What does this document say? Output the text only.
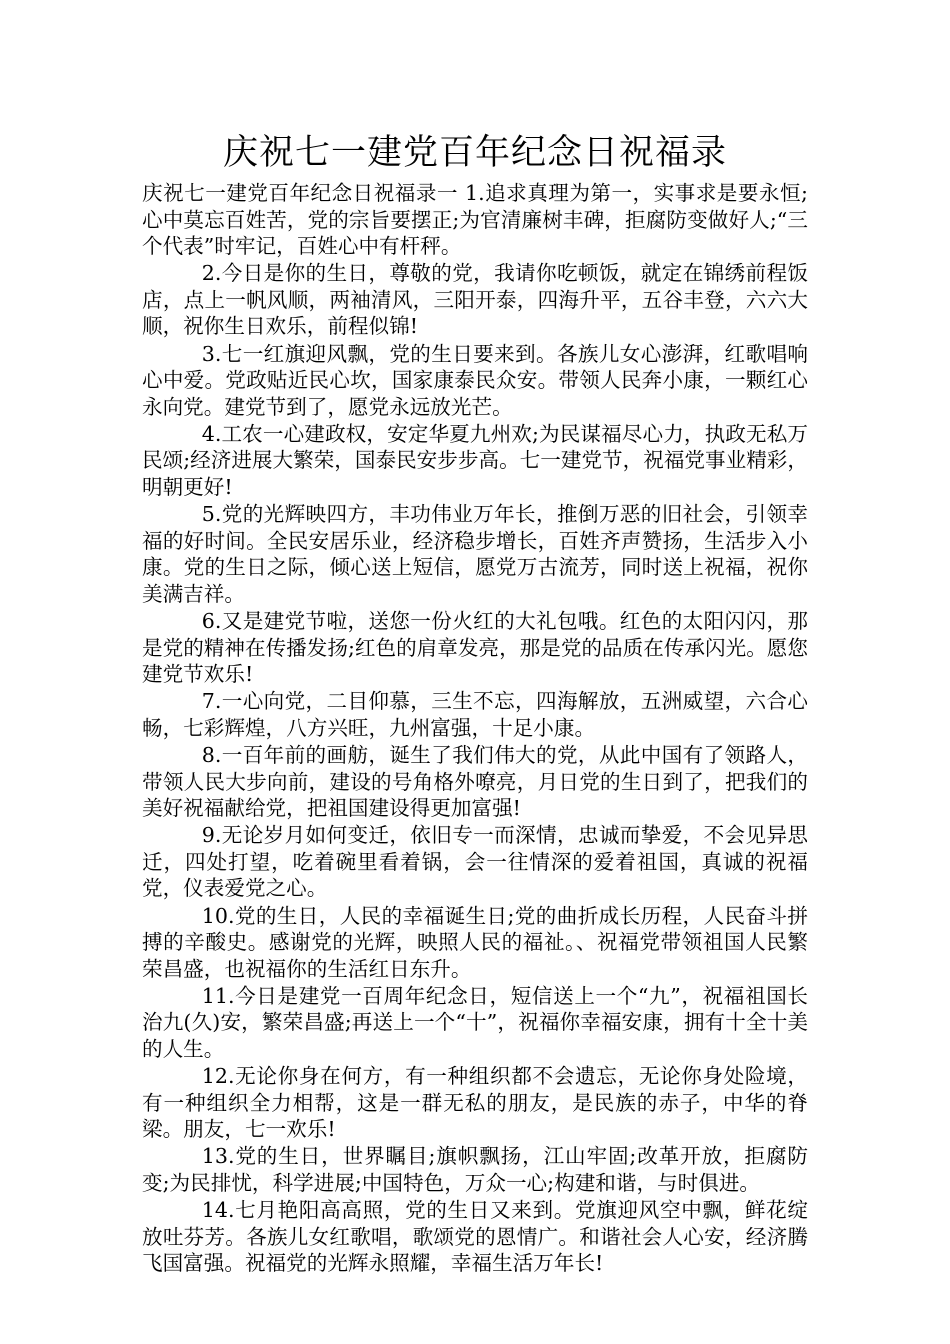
庆祝七一建党百年纪念日祝福录

庆祝七一建党百年纪念日祝福录一 1.追求真理为第一，实事求是要永恒;心中莫忘百姓苦，党的宗旨要摆正;为官清廉树丰碑，拒腐防变做好人;“三个代表”时牢记，百姓心中有杆秤。

2.今日是你的生日，尊敬的党，我请你吃顿饭，就定在锦绣前程饭店，点上一帆风顺，两袖清风，三阳开泰，四海升平，五谷丰登，六六大顺，祝你生日欢乐，前程似锦!

3.七一红旗迎风飘，党的生日要来到。各族儿女心澎湃，红歌唱响心中爱。党政贴近民心坎，国家康泰民众安。带领人民奔小康，一颗红心永向党。建党节到了，愿党永远放光芒。

4.工农一心建政权，安定华夏九州欢;为民谋福尽心力，执政无私万民颂;经济进展大繁荣，国泰民安步步高。七一建党节，祝福党事业精彩，明朝更好!

5.党的光辉映四方，丰功伟业万年长，推倒万恶的旧社会，引领幸福的好时间。全民安居乐业，经济稳步增长，百姓齐声赞扬，生活步入小康。党的生日之际，倾心送上短信，愿党万古流芳，同时送上祝福，祝你美满吉祥。

6.又是建党节啦，送您一份火红的大礼包哦。红色的太阳闪闪，那是党的精神在传播发扬;红色的肩章发亮，那是党的品质在传承闪光。愿您建党节欢乐!

7.一心向党，二目仰慕，三生不忘，四海解放，五洲威望，六合心畅，七彩辉煌，八方兴旺，九州富强，十足小康。

8.一百年前的画舫，诞生了我们伟大的党，从此中国有了领路人，带领人民大步向前，建设的号角格外嘹亮，月日党的生日到了，把我们的美好祝福献给党，把祖国建设得更加富强!

9.无论岁月如何变迁，依旧专一而深情，忠诚而挚爱，不会见异思迁，四处打望，吃着碗里看着锅，会一往情深的爱着祖国，真诚的祝福党，仪表爱党之心。

10.党的生日，人民的幸福诞生日;党的曲折成长历程，人民奋斗拼搏的辛酸史。感谢党的光辉，映照人民的福祉。、祝福党带领祖国人民繁荣昌盛，也祝福你的生活红日东升。

11.今日是建党一百周年纪念日，短信送上一个“九”，祝福祖国长治九(久)安，繁荣昌盛;再送上一个“十”，祝福你幸福安康，拥有十全十美的人生。

12.无论你身在何方，有一种组织都不会遗忘，无论你身处险境，有一种组织全力相帮，这是一群无私的朋友，是民族的赤子，中华的脊梁。朋友，七一欢乐!

13.党的生日，世界瞩目;旗帜飘扬，江山牢固;改革开放，拒腐防变;为民排忧，科学进展;中国特色，万众一心;构建和谐，与时俱进。

14.七月艳阳高高照，党的生日又来到。党旗迎风空中飘，鲜花绽放吐芬芳。各族儿女红歌唱，歌颂党的恩情广。和谐社会人心安，经济腾飞国富强。祝福党的光辉永照耀，幸福生活万年长!
